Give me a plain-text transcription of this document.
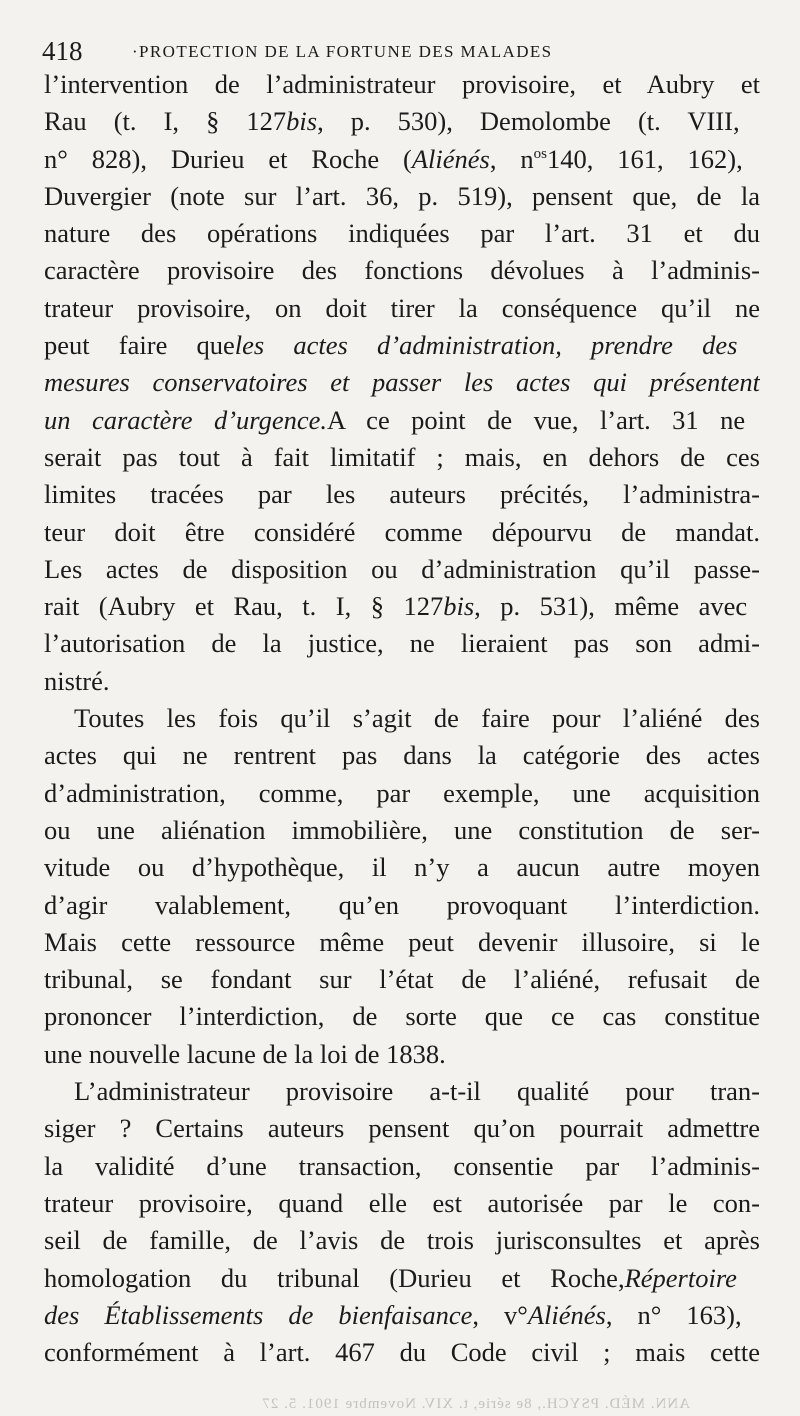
418	·PROTECTION DE LA FORTUNE DES MALADES
l’intervention de l’administrateur provisoire, et Aubry et
Rau (t. I, § 127bis, p. 530), Demolombe (t. VIII,
n° 828), Durieu et Roche (Aliénés, nos140, 161, 162),
Duvergier (note sur l’art. 36, p. 519), pensent que, de la
nature des opérations indiquées par l’art. 31 et du
caractère provisoire des fonctions dévolues à l’adminis-
trateur provisoire, on doit tirer la conséquence qu’il ne
peut faire queles actes d’administration, prendre des
mesures conservatoires et passer les actes qui présentent
un caractère d’urgence.A ce point de vue, l’art. 31 ne
serait pas tout à fait limitatif ; mais, en dehors de ces
limites tracées par les auteurs précités, l’administra-
teur doit être considéré comme dépourvu de mandat.
Les actes de disposition ou d’administration qu’il passe-
rait (Aubry et Rau, t. I, § 127bis, p. 531), même avec
l’autorisation de la justice, ne lieraient pas son admi-
nistré.
Toutes les fois qu’il s’agit de faire pour l’aliéné des
actes qui ne rentrent pas dans la catégorie des actes
d’administration, comme, par exemple, une acquisition
ou une aliénation immobilière, une constitution de ser-
vitude ou d’hypothèque, il n’y a aucun autre moyen
d’agir valablement, qu’en provoquant l’interdiction.
Mais cette ressource même peut devenir illusoire, si le
tribunal, se fondant sur l’état de l’aliéné, refusait de
prononcer l’interdiction, de sorte que ce cas constitue
une nouvelle lacune de la loi de 1838.
L’administrateur provisoire a-t-il qualité pour tran-
siger ? Certains auteurs pensent qu’on pourrait admettre
la validité d’une transaction, consentie par l’adminis-
trateur provisoire, quand elle est autorisée par le con-
seil de famille, de l’avis de trois jurisconsultes et après
homologation du tribunal (Durieu et Roche,Répertoire
des Établissements de bienfaisance, v°Aliénés, n° 163),
conformément à l’art. 467 du Code civil ; mais cette
ANN. MÉD. PSYCH., 8e série, t. XIV. Novembre 1901. 5. 27
